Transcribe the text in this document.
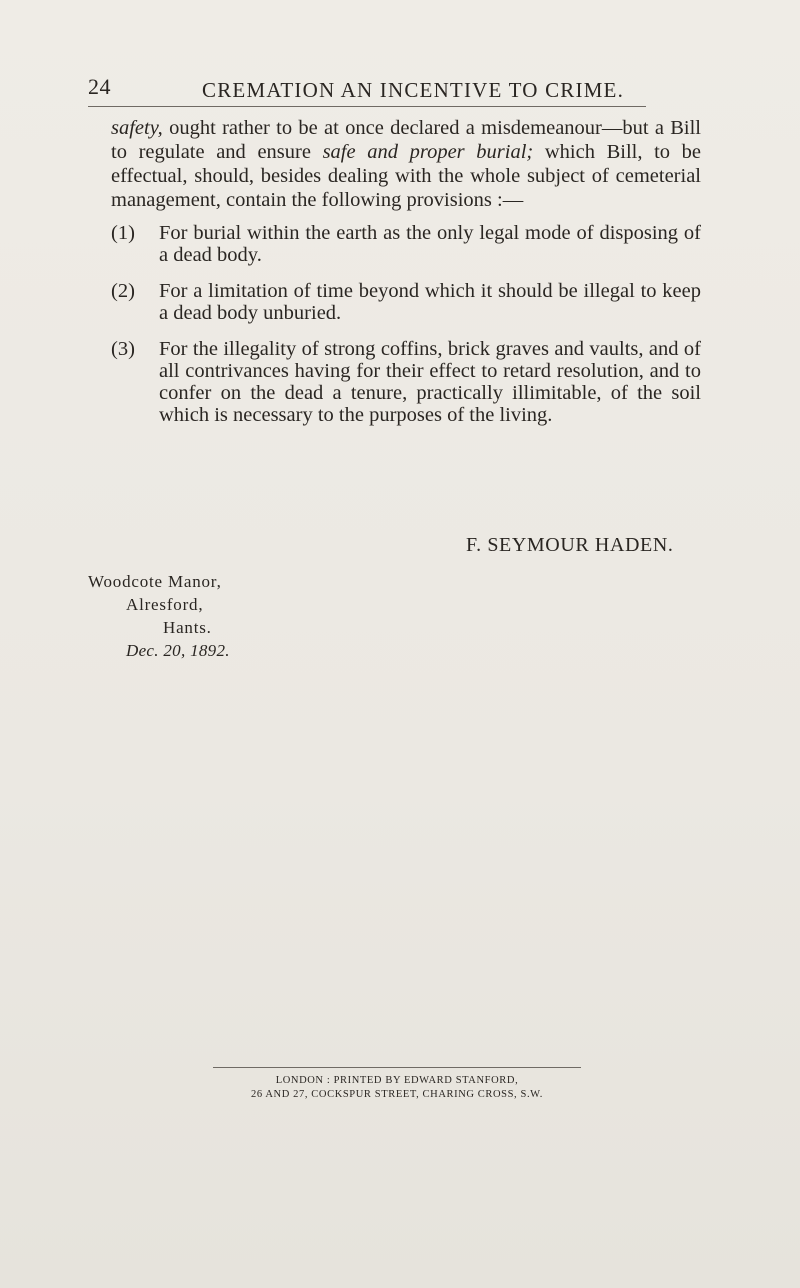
24	CREMATION AN INCENTIVE TO CRIME.

safety, ought rather to be at once declared a misdemeanour—but a Bill to regulate and ensure safe and proper burial; which Bill, to be effectual, should, besides dealing with the whole subject of cemeterial management, contain the following provisions :—

(1)	For burial within the earth as the only legal mode of disposing of a dead body.
(2)	For a limitation of time beyond which it should be illegal to keep a dead body unburied.
(3)	For the illegality of strong coffins, brick graves and vaults, and of all contrivances having for their effect to retard resolution, and to confer on the dead a tenure, practically illimitable, of the soil which is necessary to the purposes of the living.
F. SEYMOUR HADEN.
Woodcote Manor,
Alresford,
Hants.
Dec. 20, 1892.
LONDON : PRINTED BY EDWARD STANFORD,
26 AND 27, COCKSPUR STREET, CHARING CROSS, S.W.
